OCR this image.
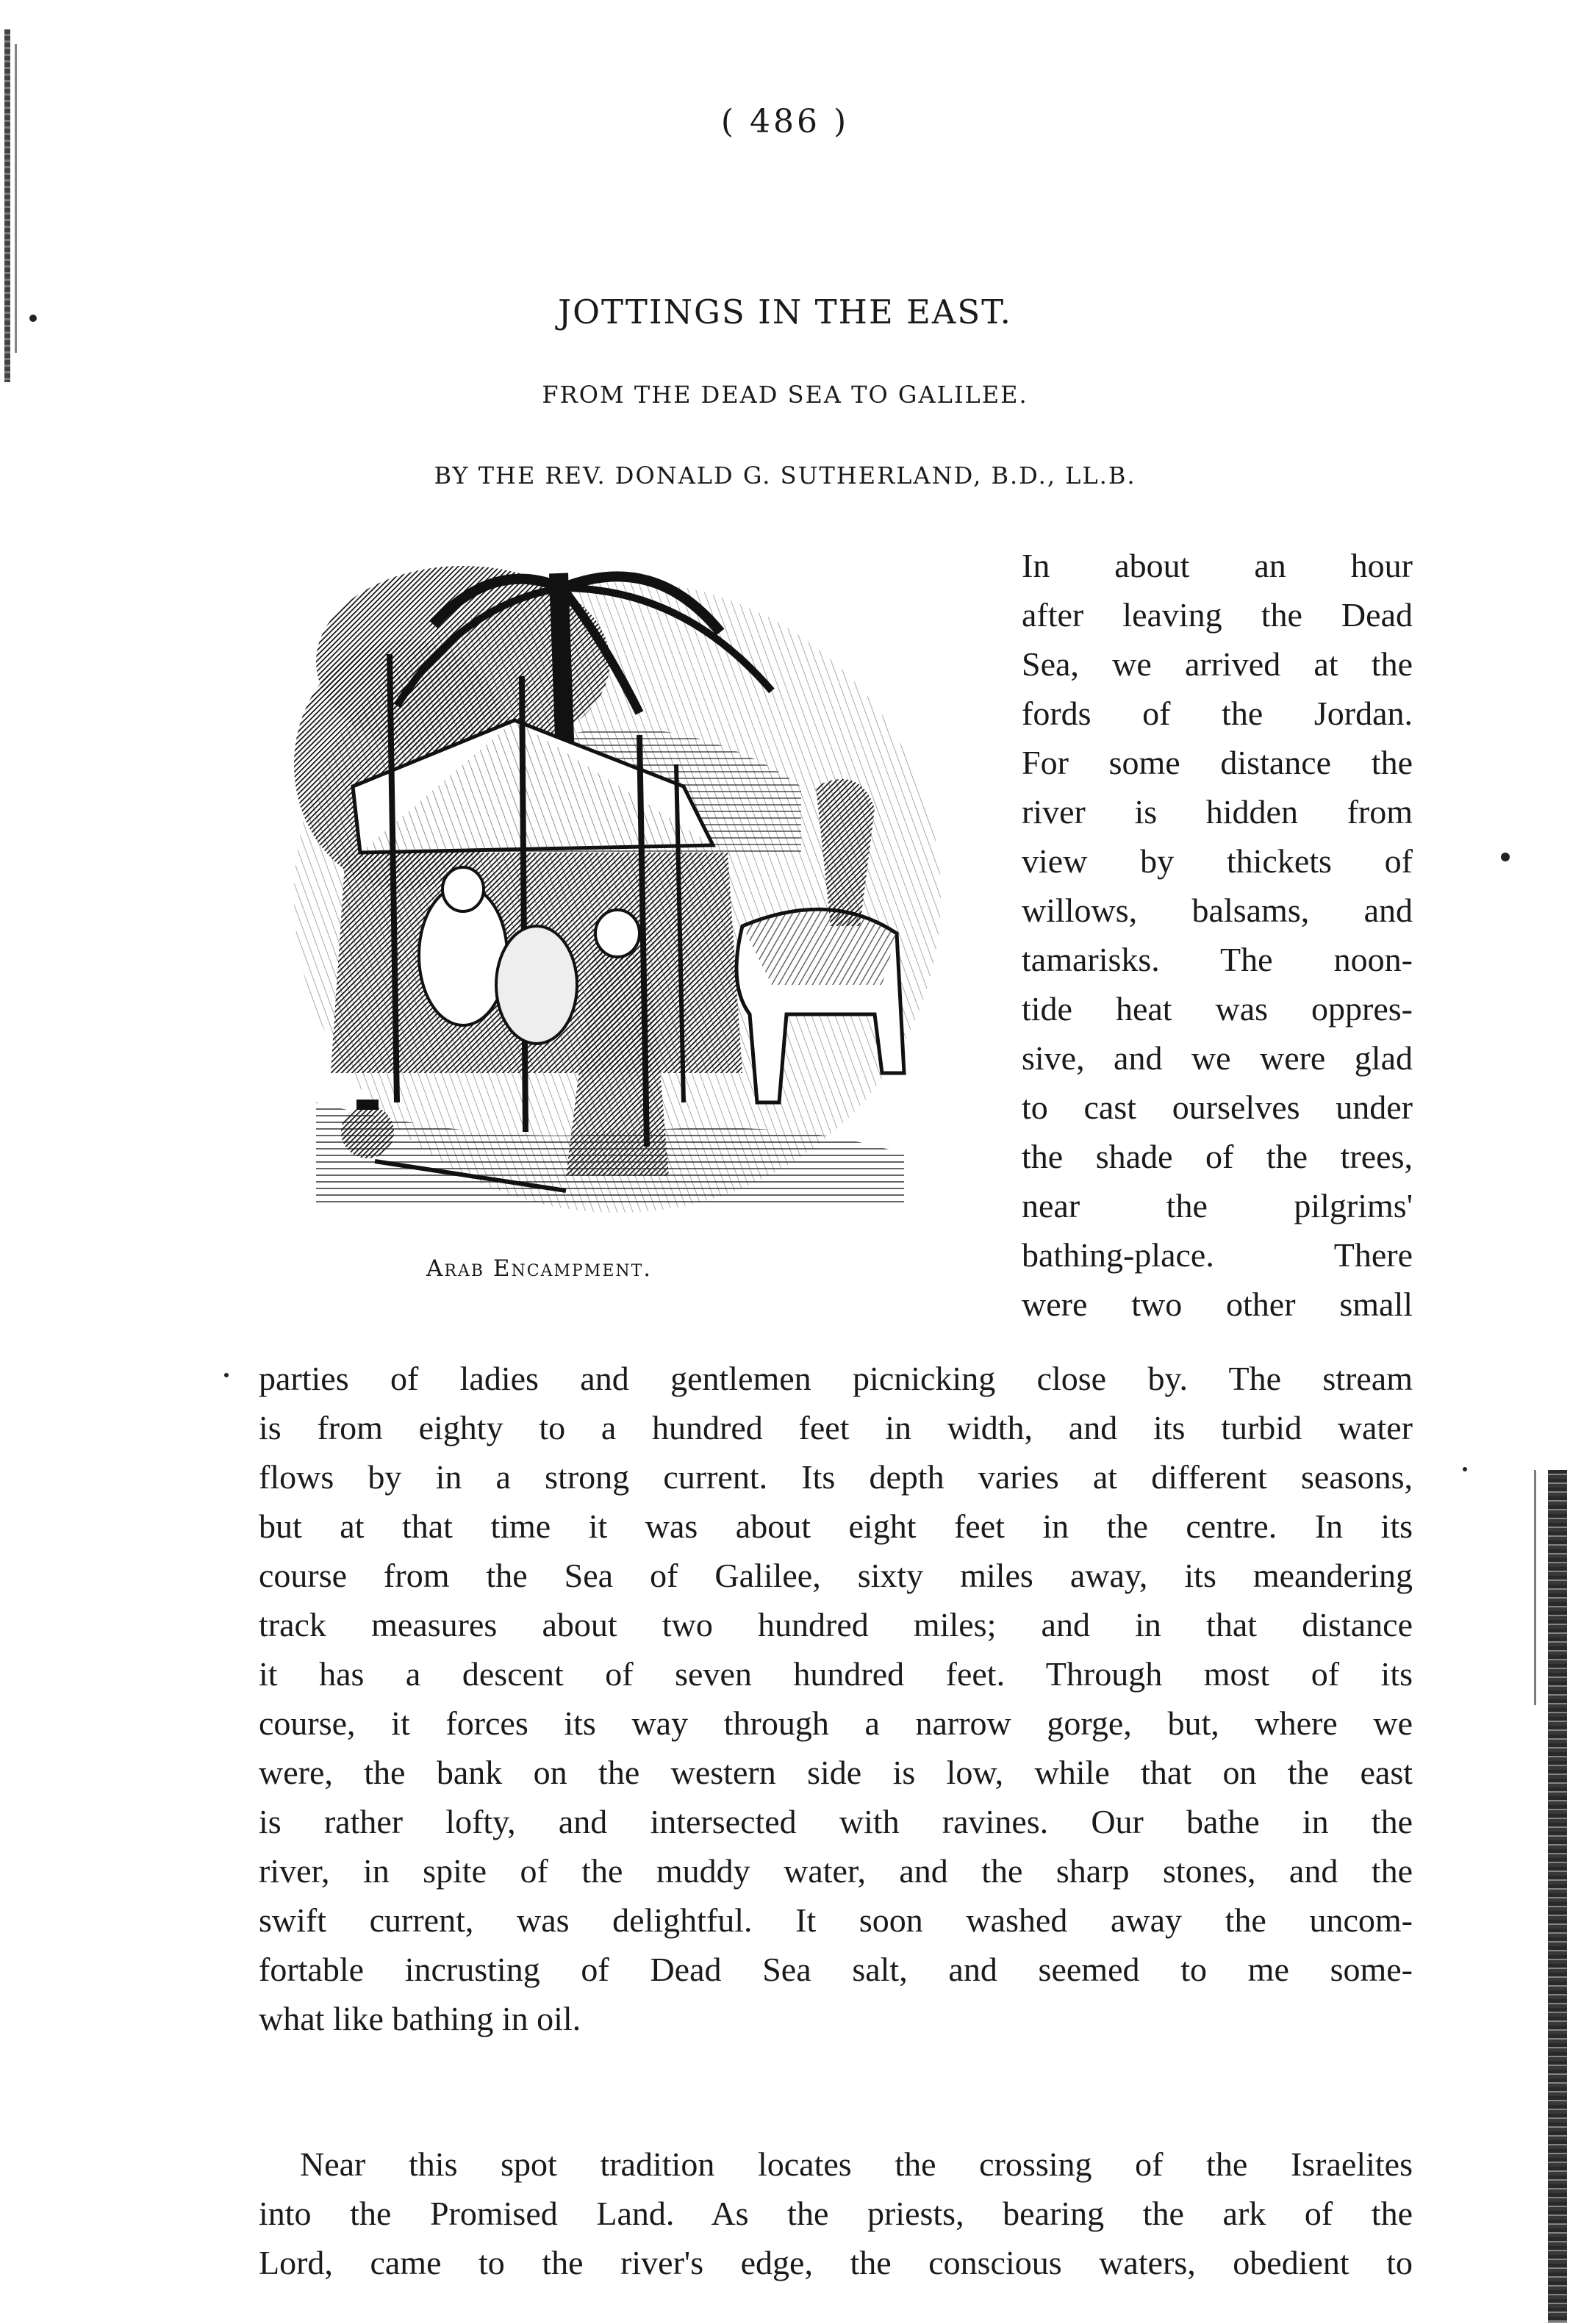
( 486 )
JOTTINGS IN THE EAST.
FROM THE DEAD SEA TO GALILEE.
BY THE REV. DONALD G. SUTHERLAND, B.D., LL.B.
Arab Encampment.
In about an hour
after leaving the Dead
Sea, we arrived at the
fords of the Jordan.
For some distance the
river is hidden from
view by thickets of
willows, balsams, and
tamarisks. The noon-
tide heat was oppres-
sive, and we were glad
to cast ourselves under
the shade of the trees,
near the pilgrims'
bathing-place. There
were two other small
parties of ladies and gentlemen picnicking close by. The stream
is from eighty to a hundred feet in width, and its turbid water
flows by in a strong current. Its depth varies at different seasons,
but at that time it was about eight feet in the centre. In its
course from the Sea of Galilee, sixty miles away, its meandering
track measures about two hundred miles; and in that distance
it has a descent of seven hundred feet. Through most of its
course, it forces its way through a narrow gorge, but, where we
were, the bank on the western side is low, while that on the east
is rather lofty, and intersected with ravines. Our bathe in the
river, in spite of the muddy water, and the sharp stones, and the
swift current, was delightful. It soon washed away the uncom-
fortable incrusting of Dead Sea salt, and seemed to me some-
what like bathing in oil.
Near this spot tradition locates the crossing of the Israelites
into the Promised Land. As the priests, bearing the ark of the
Lord, came to the river's edge, the conscious waters, obedient to
